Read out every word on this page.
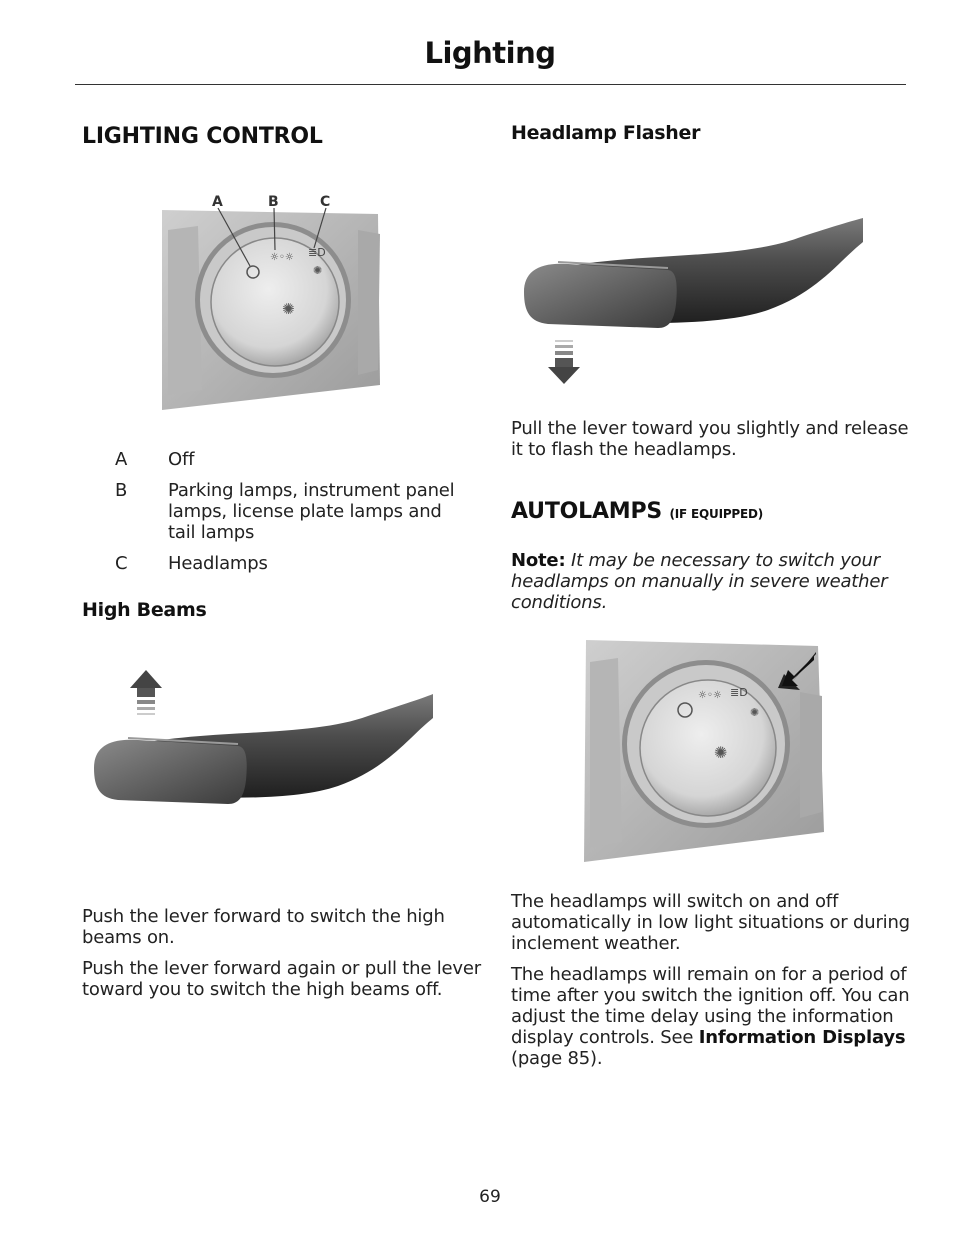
Lighting
LIGHTING CONTROL
☼◦☼ ≣D
✺
✺
A	B	C
A	Off
B	Parking lamps, instrument panel lamps, license plate lamps and tail lamps
C	Headlamps
High Beams
Push the lever forward to switch the high beams on.
Push the lever forward again or pull the lever toward you to switch the high beams off.
Headlamp Flasher
Pull the lever toward you slightly and release it to flash the headlamps.
AUTOLAMPS (IF EQUIPPED)
Note: It may be necessary to switch your headlamps on manually in severe weather conditions.
☼◦☼ ≣D
✺
✺
The headlamps will switch on and off automatically in low light situations or during inclement weather.
The headlamps will remain on for a period of time after you switch the ignition off. You can adjust the time delay using the information display controls. See Information Displays (page 85).
69
